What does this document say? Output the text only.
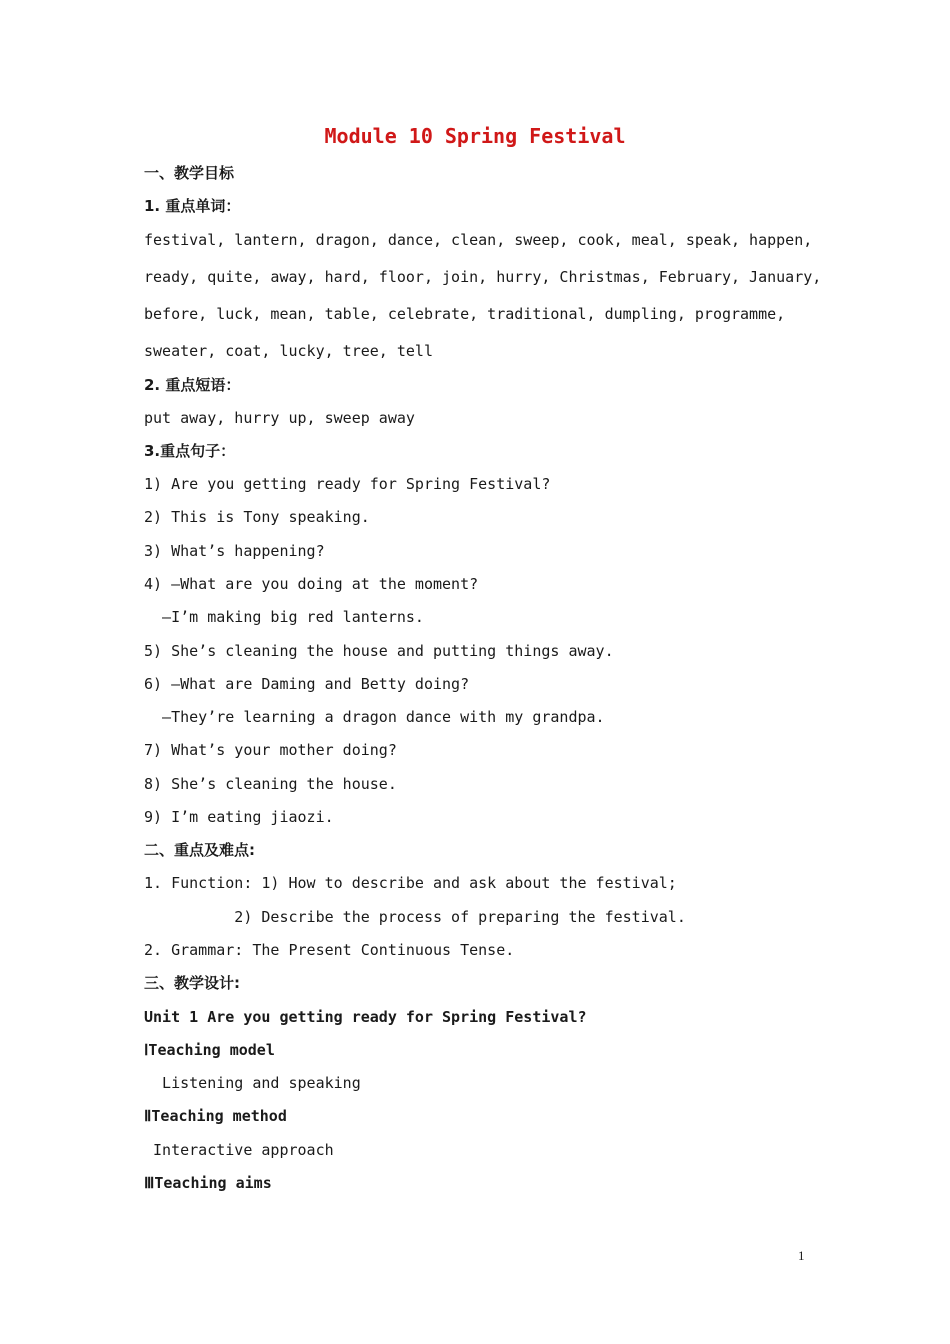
Module 10 Spring Festival
一、教学目标
1. 重点单词：
festival, lantern, dragon, dance, clean, sweep, cook, meal, speak, happen,
ready, quite, away, hard, floor, join, hurry, Christmas, February, January,
before, luck, mean, table, celebrate, traditional, dumpling, programme,
sweater, coat, lucky, tree, tell
2. 重点短语：
put away, hurry up, sweep away
3.重点句子：
1) Are you getting ready for Spring Festival?
2) This is Tony speaking.
3) What’s happening?
4) —What are you doing at the moment?
—I’m making big red lanterns.
5) She’s cleaning the house and putting things away.
6) —What are Daming and Betty doing?
—They’re learning a dragon dance with my grandpa.
7) What’s your mother doing?
8) She’s cleaning the house.
9) I’m eating jiaozi.
二、重点及难点:
1. Function: 1) How to describe and ask about the festival;
2) Describe the process of preparing the festival.
2. Grammar: The Present Continuous Tense.
三、教学设计:
Unit 1 Are you getting ready for Spring Festival?
ⅠTeaching model
Listening and speaking
ⅡTeaching method
Interactive approach
ⅢTeaching aims
1
